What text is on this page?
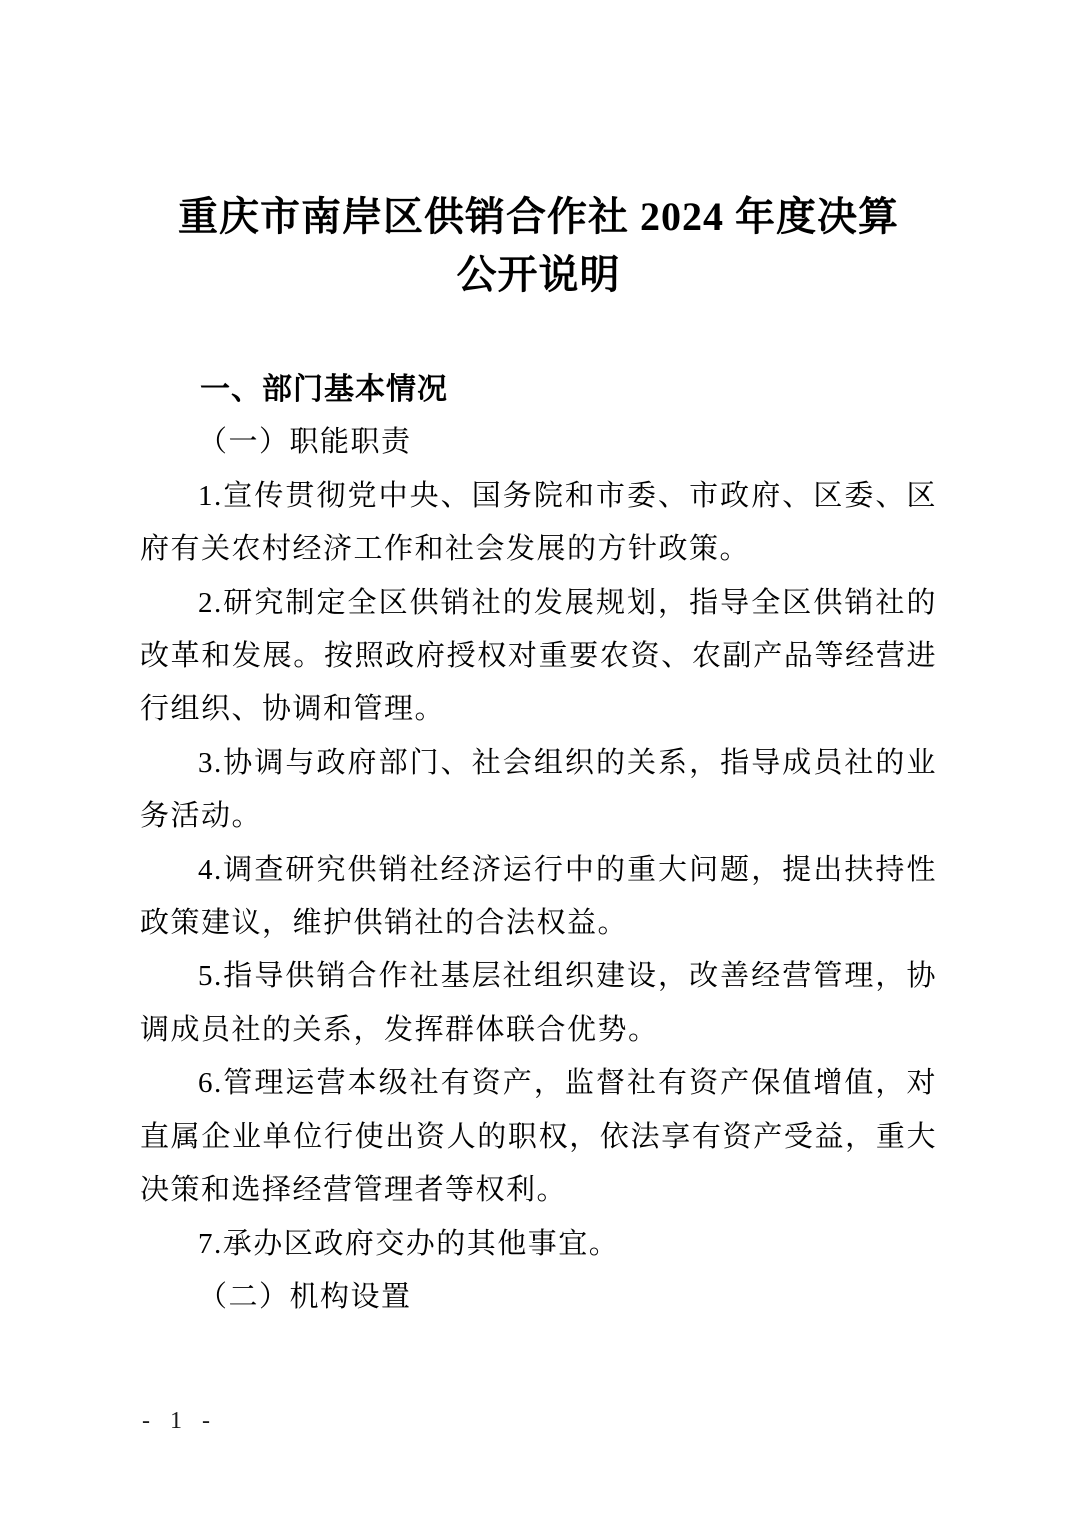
重庆市南岸区供销合作社 2024 年度决算
公开说明

一、部门基本情况

（一）职能职责

1.宣传贯彻党中央、国务院和市委、市政府、区委、区府有关农村经济工作和社会发展的方针政策。

2.研究制定全区供销社的发展规划，指导全区供销社的改革和发展。按照政府授权对重要农资、农副产品等经营进行组织、协调和管理。

3.协调与政府部门、社会组织的关系，指导成员社的业务活动。

4.调查研究供销社经济运行中的重大问题，提出扶持性政策建议，维护供销社的合法权益。

5.指导供销合作社基层社组织建设，改善经营管理，协调成员社的关系，发挥群体联合优势。

6.管理运营本级社有资产，监督社有资产保值增值，对直属企业单位行使出资人的职权，依法享有资产受益，重大决策和选择经营管理者等权利。

7.承办区政府交办的其他事宜。

（二）机构设置

- 1 -
